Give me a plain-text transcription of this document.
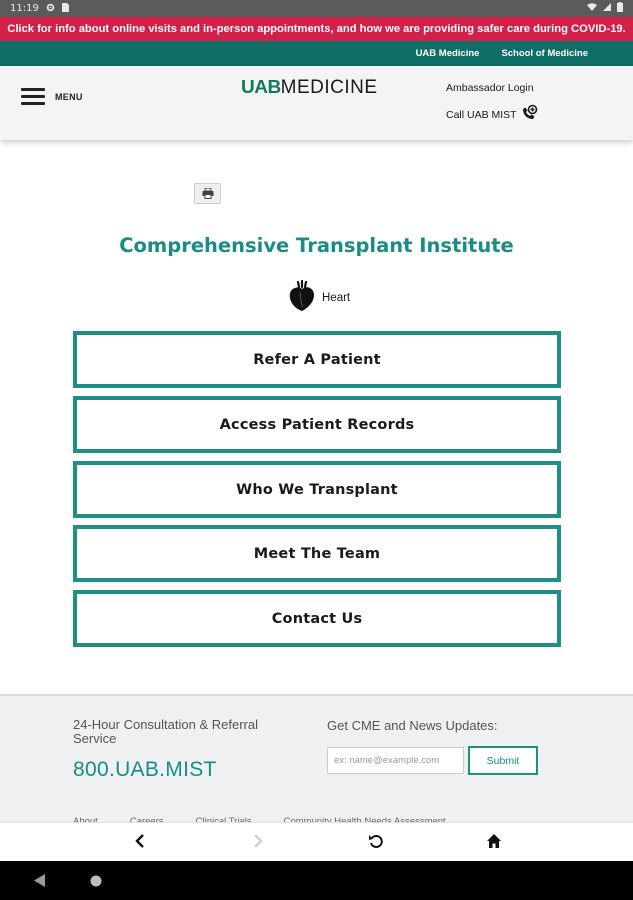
11:19
Click for info about online visits and in-person appointments, and how we are providing safer care during COVID-19.
UAB Medicine School of Medicine
MENU	UAB MEDICINE	Ambassador Login
Call UAB MIST
Comprehensive Transplant Institute
Heart
Refer A Patient
Access Patient Records
Who We Transplant
Meet The Team
Contact Us
24-Hour Consultation & Referral Service
800.UAB.MIST
Get CME and News Updates:
ex: name@example.com
Submit
